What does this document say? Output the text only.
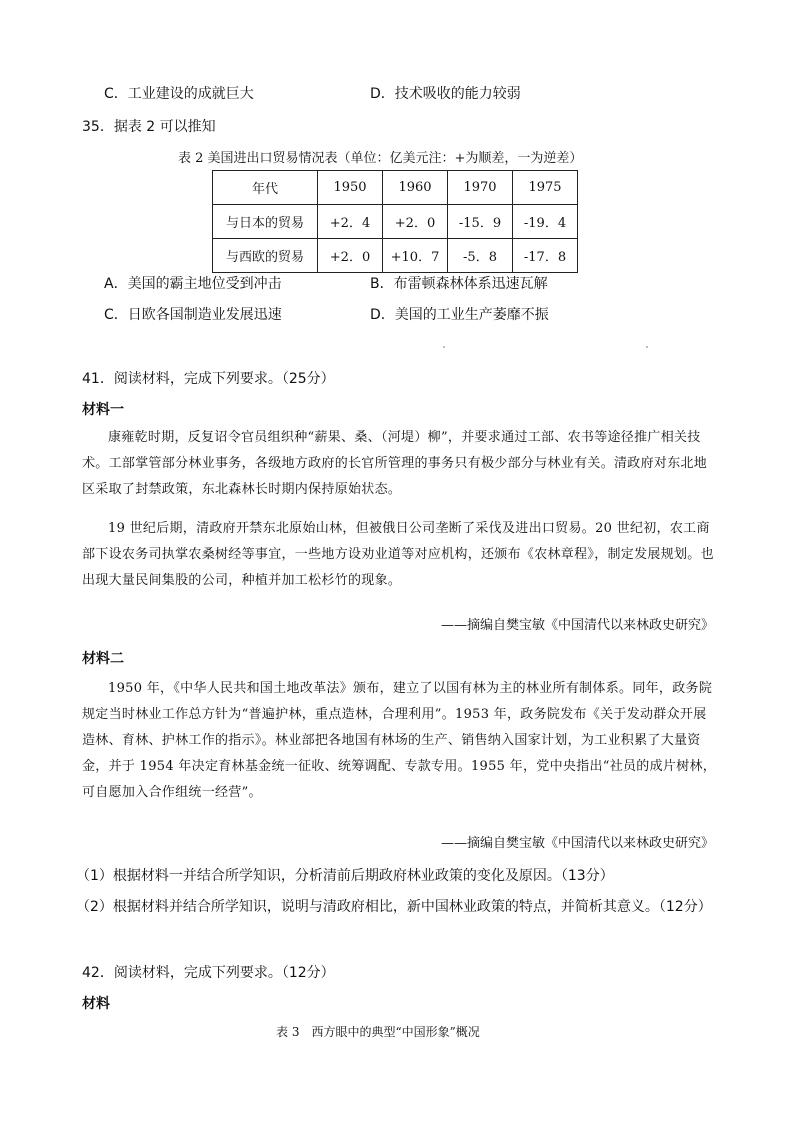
C．工业建设的成就巨大	D．技术吸收的能力较弱
35．据表 2 可以推知
表 2 美国进出口贸易情况表（单位：亿美元注：+为顺差，一为逆差）
年代	1950	1960	1970	1975
与日本的贸易	+2．4	+2．0	-15．9	-19．4
与西欧的贸易	+2．0	+10．7	-5．8	-17．8
A．美国的霸主地位受到冲击	B．布雷顿森林体系迅速瓦解
C．日欧各国制造业发展迅速	D．美国的工业生产萎靡不振
41．阅读材料，完成下列要求。（25分）
材料一
康雍乾时期，反复诏令官员组织种“薪果、桑、（河堤）柳”，并要求通过工部、农书等途径推广相关技术。工部掌管部分林业事务，各级地方政府的长官所管理的事务只有极少部分与林业有关。清政府对东北地区采取了封禁政策，东北森林长时期内保持原始状态。
19 世纪后期，清政府开禁东北原始山林，但被俄日公司垄断了采伐及进出口贸易。20 世纪初，农工商部下设农务司执掌农桑树经等事宜，一些地方设劝业道等对应机构，还颁布《农林章程》，制定发展规划。也出现大量民间集股的公司，种植并加工松杉竹的现象。
——摘编自樊宝敏《中国清代以来林政史研究》
材料二
1950 年，《中华人民共和国土地改革法》颁布，建立了以国有林为主的林业所有制体系。同年，政务院规定当时林业工作总方针为“普遍护林，重点造林，合理利用”。1953 年，政务院发布《关于发动群众开展造林、育林、护林工作的指示》。林业部把各地国有林场的生产、销售纳入国家计划，为工业积累了大量资金，并于 1954 年决定育林基金统一征收、统筹调配、专款专用。1955 年，党中央指出“社员的成片树林，可自愿加入合作组统一经营”。
——摘编自樊宝敏《中国清代以来林政史研究》
（1）根据材料一并结合所学知识，分析清前后期政府林业政策的变化及原因。（13分）
（2）根据材料并结合所学知识，说明与清政府相比，新中国林业政策的特点，并简析其意义。（12分）
42．阅读材料，完成下列要求。（12分）
材料
表 3　西方眼中的典型“中国形象”概况
